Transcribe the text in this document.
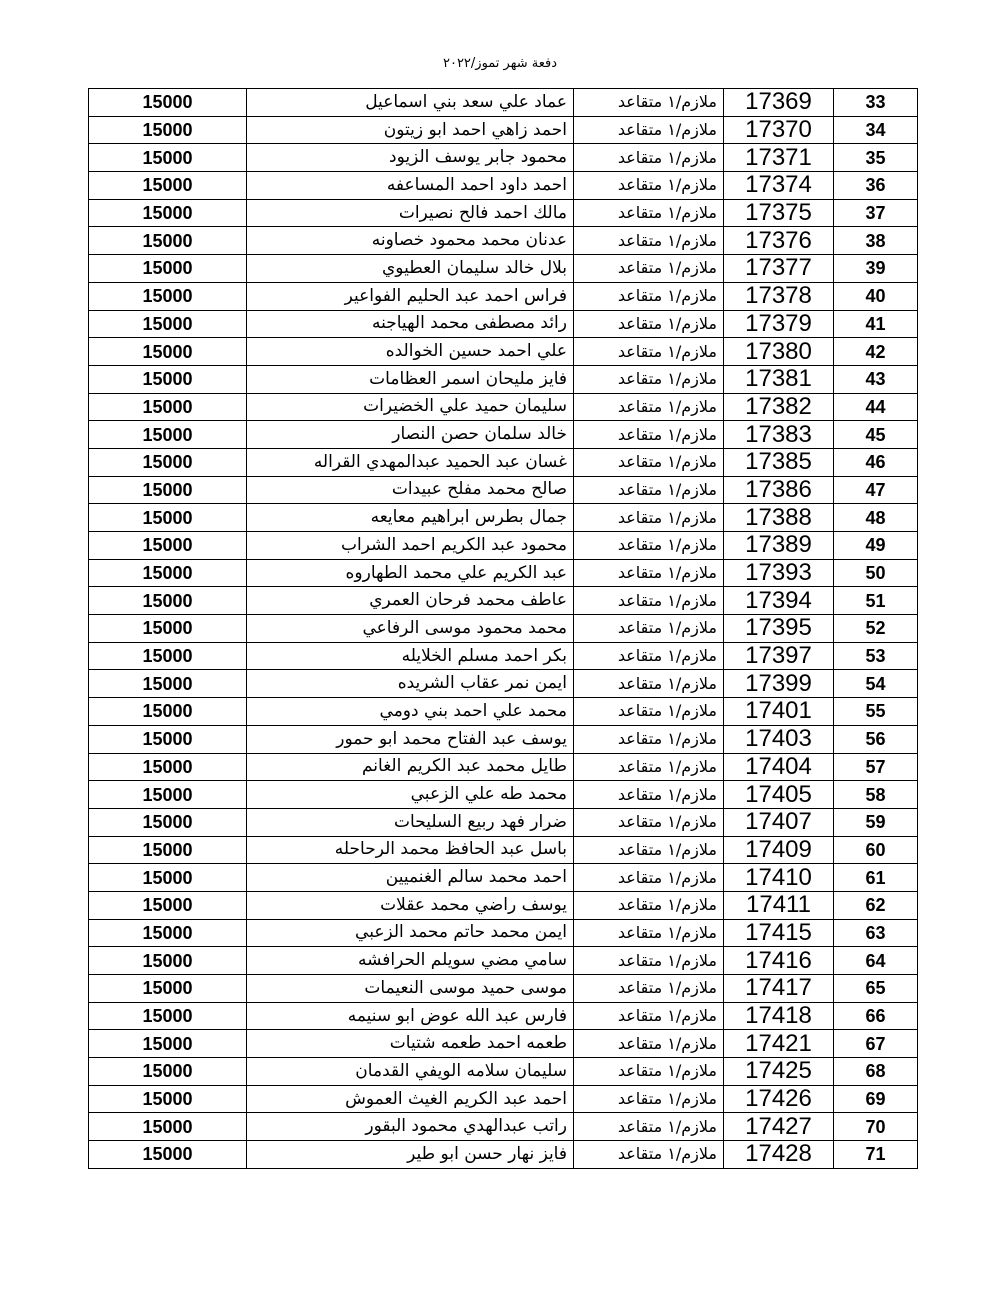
دفعة شهر تموز/٢٠٢٢
33	17369	ملازم/١ متقاعد	عماد علي سعد بني اسماعيل	15000
34	17370	ملازم/١ متقاعد	احمد زاهي احمد ابو زيتون	15000
35	17371	ملازم/١ متقاعد	محمود جابر يوسف الزيود	15000
36	17374	ملازم/١ متقاعد	احمد داود احمد المساعفه	15000
37	17375	ملازم/١ متقاعد	مالك احمد فالح نصيرات	15000
38	17376	ملازم/١ متقاعد	عدنان محمد محمود خصاونه	15000
39	17377	ملازم/١ متقاعد	بلال خالد سليمان العطيوي	15000
40	17378	ملازم/١ متقاعد	فراس احمد عبد الحليم الفواعير	15000
41	17379	ملازم/١ متقاعد	رائد مصطفى محمد الهياجنه	15000
42	17380	ملازم/١ متقاعد	علي احمد حسين الخوالده	15000
43	17381	ملازم/١ متقاعد	فايز مليحان اسمر العظامات	15000
44	17382	ملازم/١ متقاعد	سليمان حميد علي الخضيرات	15000
45	17383	ملازم/١ متقاعد	خالد سلمان حصن النصار	15000
46	17385	ملازم/١ متقاعد	غسان عبد الحميد عبدالمهدي القراله	15000
47	17386	ملازم/١ متقاعد	صالح محمد مفلح عبيدات	15000
48	17388	ملازم/١ متقاعد	جمال بطرس ابراهيم معايعه	15000
49	17389	ملازم/١ متقاعد	محمود عبد الكريم احمد الشراب	15000
50	17393	ملازم/١ متقاعد	عبد الكريم علي محمد الطهاروه	15000
51	17394	ملازم/١ متقاعد	عاطف محمد فرحان العمري	15000
52	17395	ملازم/١ متقاعد	محمد محمود موسى الرفاعي	15000
53	17397	ملازم/١ متقاعد	بكر احمد مسلم الخلايله	15000
54	17399	ملازم/١ متقاعد	ايمن نمر عقاب الشريده	15000
55	17401	ملازم/١ متقاعد	محمد علي احمد بني دومي	15000
56	17403	ملازم/١ متقاعد	يوسف عبد الفتاح محمد ابو حمور	15000
57	17404	ملازم/١ متقاعد	طايل محمد عبد الكريم الغانم	15000
58	17405	ملازم/١ متقاعد	محمد طه علي الزعبي	15000
59	17407	ملازم/١ متقاعد	ضرار فهد ربيع السليحات	15000
60	17409	ملازم/١ متقاعد	باسل عبد الحافظ محمد الرحاحله	15000
61	17410	ملازم/١ متقاعد	احمد محمد سالم الغنميين	15000
62	17411	ملازم/١ متقاعد	يوسف راضي محمد عقلات	15000
63	17415	ملازم/١ متقاعد	ايمن محمد حاتم محمد الزعبي	15000
64	17416	ملازم/١ متقاعد	سامي مضي سويلم الحرافشه	15000
65	17417	ملازم/١ متقاعد	موسى حميد موسى النعيمات	15000
66	17418	ملازم/١ متقاعد	فارس عبد الله عوض ابو سنيمه	15000
67	17421	ملازم/١ متقاعد	طعمه احمد طعمه شتيات	15000
68	17425	ملازم/١ متقاعد	سليمان سلامه الويفي القدمان	15000
69	17426	ملازم/١ متقاعد	احمد عبد الكريم الغيث العموش	15000
70	17427	ملازم/١ متقاعد	راتب عبدالهدي محمود البقور	15000
71	17428	ملازم/١ متقاعد	فايز نهار حسن ابو طير	15000
